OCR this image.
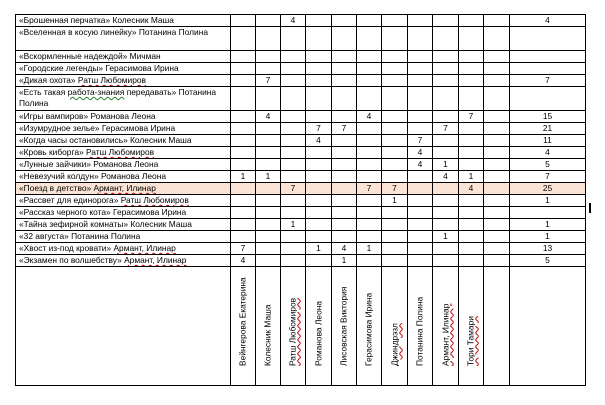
«Брошенная перчатка» Колесник Маша			4									4
«Вселенная в косую линейку» Потанина Полина												
«Вскормленные надеждой» Мичман												
«Городские легенды» Герасимова Ирина												
«Дикая охота» Ратш Любомиров		7										7
«Есть такая работа-знания передавать» Потанина Полина												
«Игры вампиров» Романова Леона		4				4				7		15
«Изумрудное зелье» Герасимова Ирина				7	7				7			21
«Когда часы остановились» Колесник Маша				4				7				11
«Кровь киборга» Ратш Любомиров								4				4
«Лунные зайчики» Романова Леона								4	1			5
«Невезучий колдун» Романова Леона	1	1							4	1		7
«Поезд в детство» Армант, Илинар			7			7	7			4		25
«Рассвет для единорога» Ратш Любомиров							1					1
«Рассказ черного кота» Герасимова Ирина												
«Тайна зефирной комнаты» Колесник Маша			1									1
«32 августа» Потанина Полина									1			1
«Хвост из-под кровати» Армант, Илинар	7			1	4	1						13
«Экзамен по волшебству» Армант, Илинар	4				1							5

	Вейнгерова Екатерина	Колесник Маша	Ратш Любомиров	Романова Леона	Лисовская Виктория	Герасимова Ирина	Джиндрэзл	Потанина Полина	Армант, Илинар	Тори Тамари		
